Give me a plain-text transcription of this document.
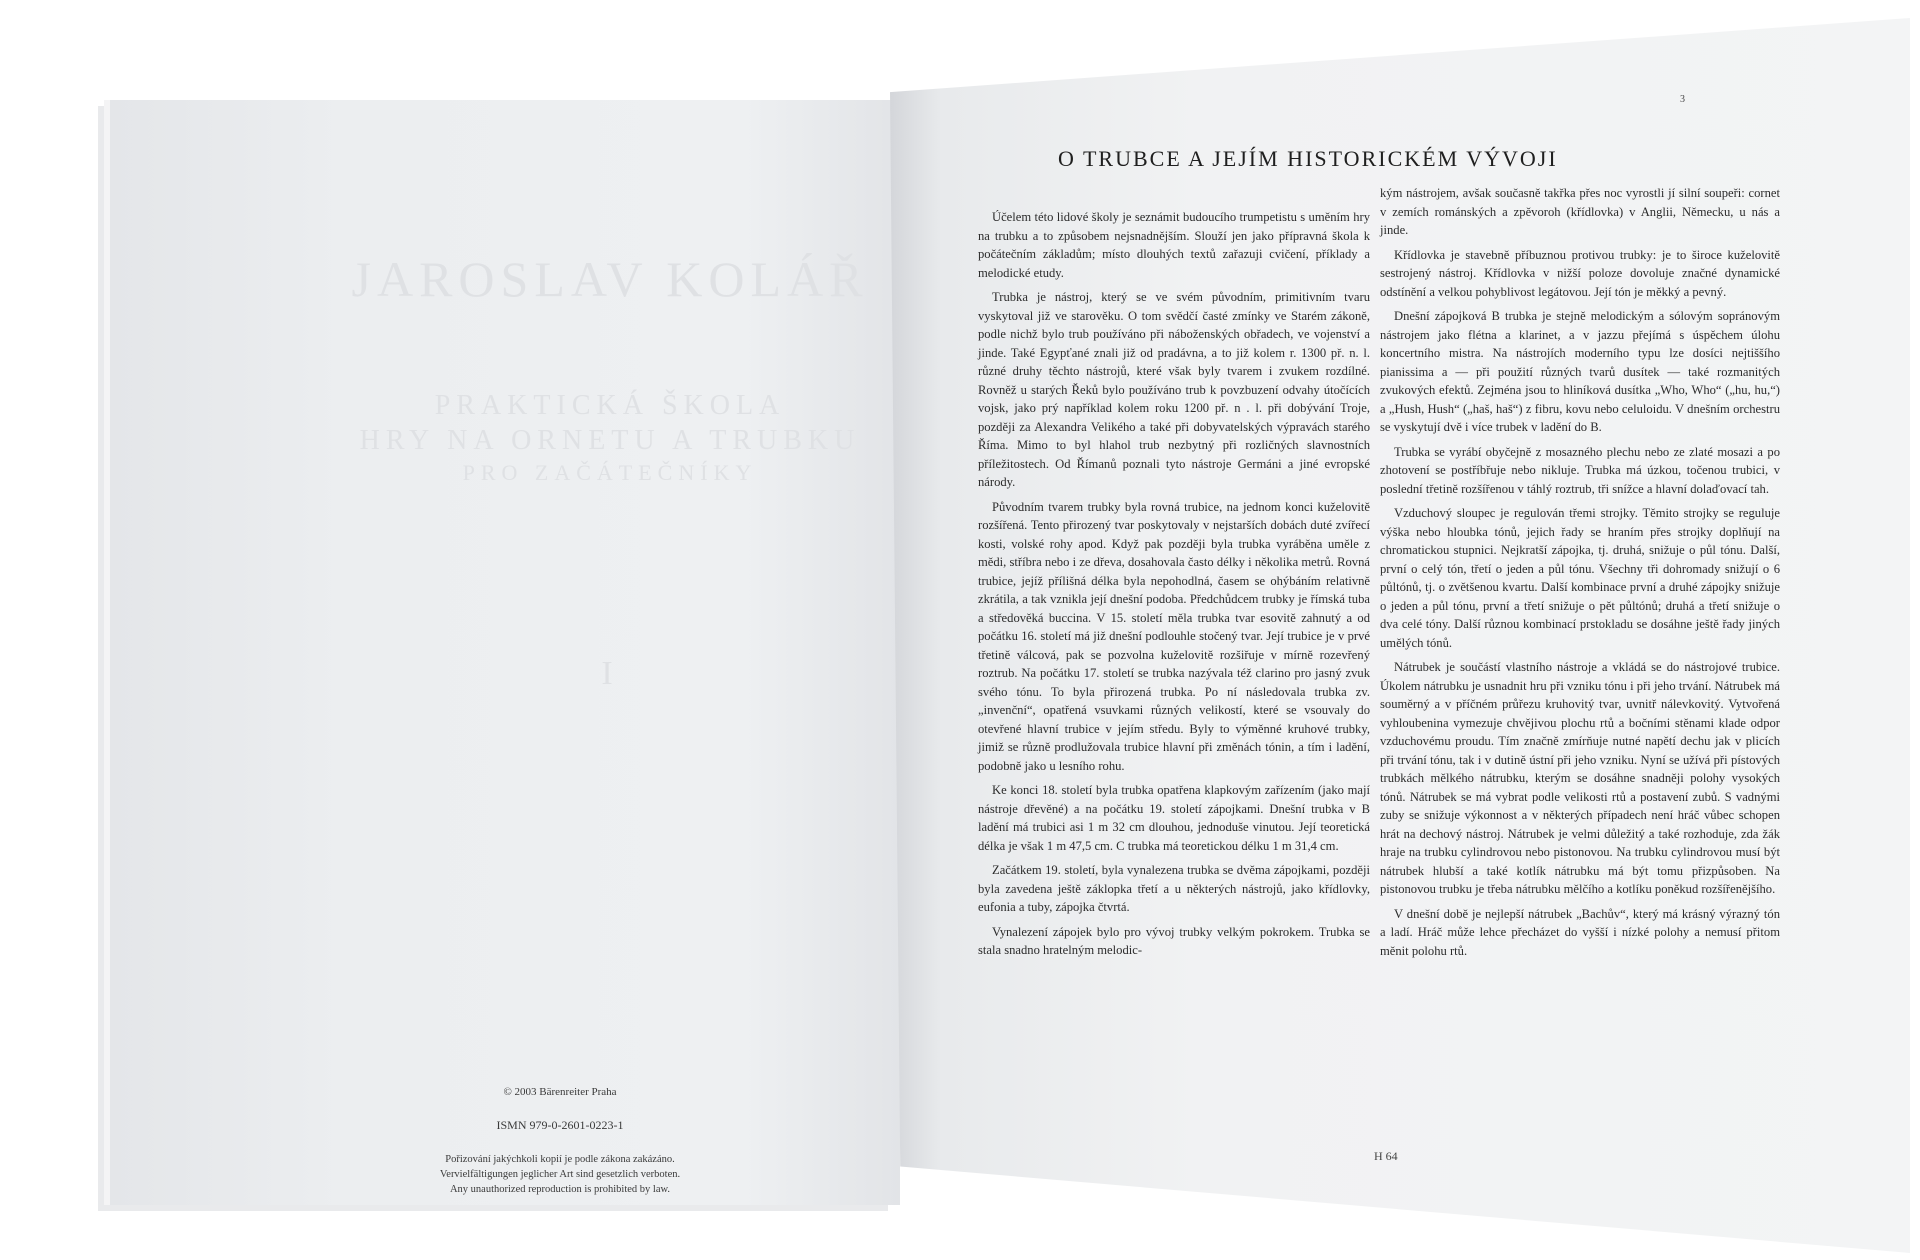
JAROSLAV KOLÁŘ
PRAKTICKÁ ŠKOLA
HRY NA ORNETU A TRUBKU
PRO ZAČÁTEČNÍKY
I
© 2003 Bärenreiter Praha
ISMN 979-0-2601-0223-1
Pořizování jakýchkoli kopií je podle zákona zakázáno.
Vervielfältigungen jeglicher Art sind gesetzlich verboten.
Any unauthorized reproduction is prohibited by law.
3
O TRUBCE A JEJÍM HISTORICKÉM VÝVOJI

Účelem této lidové školy je seznámit budoucího trumpetistu s uměním hry na trubku a to způsobem nejsnadnějším. Slouží jen jako přípravná škola k počátečním základům; místo dlouhých textů zařazuji cvičení, příklady a melodické etudy.

Trubka je nástroj, který se ve svém původním, primitivním tvaru vyskytoval již ve starověku. O tom svědčí časté zmínky ve Starém zákoně, podle nichž bylo trub používáno při náboženských obřadech, ve vojenství a jinde. Také Egypťané znali již od pradávna, a to již kolem r. 1300 př. n. l. různé druhy těchto nástrojů, které však byly tvarem i zvukem rozdílné. Rovněž u starých Řeků bylo používáno trub k povzbuzení odvahy útočících vojsk, jako prý například kolem roku 1200 př. n . l. při dobývání Troje, později za Alexandra Velikého a také při dobyvatelských výpravách starého Říma. Mimo to byl hlahol trub nezbytný při rozličných slavnostních příležitostech. Od Římanů poznali tyto nástroje Germáni a jiné evropské národy.

Původním tvarem trubky byla rovná trubice, na jednom konci kuželovitě rozšířená. Tento přirozený tvar poskytovaly v nejstarších dobách duté zvířecí kosti, volské rohy apod. Když pak později byla trubka vyráběna uměle z mědi, stříbra nebo i ze dřeva, dosahovala často délky i několika metrů. Rovná trubice, jejíž přílišná délka byla nepohodlná, časem se ohýbáním relativně zkrátila, a tak vznikla její dnešní podoba. Předchůdcem trubky je římská tuba a středověká buccina. V 15. století měla trubka tvar esovitě zahnutý a od počátku 16. století má již dnešní podlouhle stočený tvar. Její trubice je v prvé třetině válcová, pak se pozvolna kuželovitě rozšiřuje v mírně rozevřený roztrub. Na počátku 17. století se trubka nazývala též clarino pro jasný zvuk svého tónu. To byla přirozená trubka. Po ní následovala trubka zv. „invenční“, opatřená vsuvkami různých velikostí, které se vsouvaly do otevřené hlavní trubice v jejím středu. Byly to výměnné kruhové trubky, jimiž se různě prodlužovala trubice hlavní při změnách tónin, a tím i ladění, podobně jako u lesního rohu.

Ke konci 18. století byla trubka opatřena klapkovým zařízením (jako mají nástroje dřevěné) a na počátku 19. století zápojkami. Dnešní trubka v B ladění má trubici asi 1 m 32 cm dlouhou, jednoduše vinutou. Její teoretická délka je však 1 m 47,5 cm. C trubka má teoretickou délku 1 m 31,4 cm.

Začátkem 19. století, byla vynalezena trubka se dvěma zápojkami, později byla zavedena ještě záklopka třetí a u některých nástrojů, jako křídlovky, eufonia a tuby, zápojka čtvrtá.

Vynalezení zápojek bylo pro vývoj trubky velkým pokrokem. Trubka se stala snadno hratelným melodic-

kým nástrojem, avšak současně takřka přes noc vyrostli jí silní soupeři: cornet v zemích románských a zpěvoroh (křídlovka) v Anglii, Německu, u nás a jinde.

Křídlovka je stavebně příbuznou protivou trubky: je to široce kuželovitě sestrojený nástroj. Křídlovka v nižší poloze dovoluje značné dynamické odstínění a velkou pohyblivost legátovou. Její tón je měkký a pevný.

Dnešní zápojková B trubka je stejně melodickým a sólovým sopránovým nástrojem jako flétna a klarinet, a v jazzu přejímá s úspěchem úlohu koncertního mistra. Na nástrojích moderního typu lze dosíci nejtiššího pianissima a — při použití různých tvarů dusítek — také rozmanitých zvukových efektů. Zejména jsou to hliníková dusítka „Who, Who“ („hu, hu,“) a „Hush, Hush“ („haš, haš“) z fibru, kovu nebo celuloidu. V dnešním orchestru se vyskytují dvě i více trubek v ladění do B.

Trubka se vyrábí obyčejně z mosazného plechu nebo ze zlaté mosazi a po zhotovení se postříbřuje nebo nikluje. Trubka má úzkou, točenou trubici, v poslední třetině rozšířenou v táhlý roztrub, tři snížce a hlavní dolaďovací tah.

Vzduchový sloupec je regulován třemi strojky. Těmito strojky se reguluje výška nebo hloubka tónů, jejich řady se hraním přes strojky doplňují na chromatickou stupnici. Nejkratší zápojka, tj. druhá, snižuje o půl tónu. Další, první o celý tón, třetí o jeden a půl tónu. Všechny tři dohromady snižují o 6 půltónů, tj. o zvětšenou kvartu. Další kombinace první a druhé zápojky snižuje o jeden a půl tónu, první a třetí snižuje o pět půltónů; druhá a třetí snižuje o dva celé tóny. Další různou kombinací prstokladu se dosáhne ještě řady jiných umělých tónů.

Nátrubek je součástí vlastního nástroje a vkládá se do nástrojové trubice. Úkolem nátrubku je usnadnit hru při vzniku tónu i při jeho trvání. Nátrubek má souměrný a v příčném průřezu kruhovitý tvar, uvnitř nálevkovitý. Vytvořená vyhloubenina vymezuje chvějivou plochu rtů a bočními stěnami klade odpor vzduchovému proudu. Tím značně zmírňuje nutné napětí dechu jak v plicích při trvání tónu, tak i v dutině ústní při jeho vzniku. Nyní se užívá při pístových trubkách mělkého nátrubku, kterým se dosáhne snadněji polohy vysokých tónů. Nátrubek se má vybrat podle velikosti rtů a postavení zubů. S vadnými zuby se snižuje výkonnost a v některých případech není hráč vůbec schopen hrát na dechový nástroj. Nátrubek je velmi důležitý a také rozhoduje, zda žák hraje na trubku cylindrovou nebo pistonovou. Na trubku cylindrovou musí být nátrubek hlubší a také kotlík nátrubku má být tomu přizpůsoben. Na pistonovou trubku je třeba nátrubku mělčího a kotlíku poněkud rozšířenějšího.

V dnešní době je nejlepší nátrubek „Bachův“, který má krásný výrazný tón a ladí. Hráč může lehce přecházet do vyšší i nízké polohy a nemusí přitom měnit polohu rtů.

H 64
